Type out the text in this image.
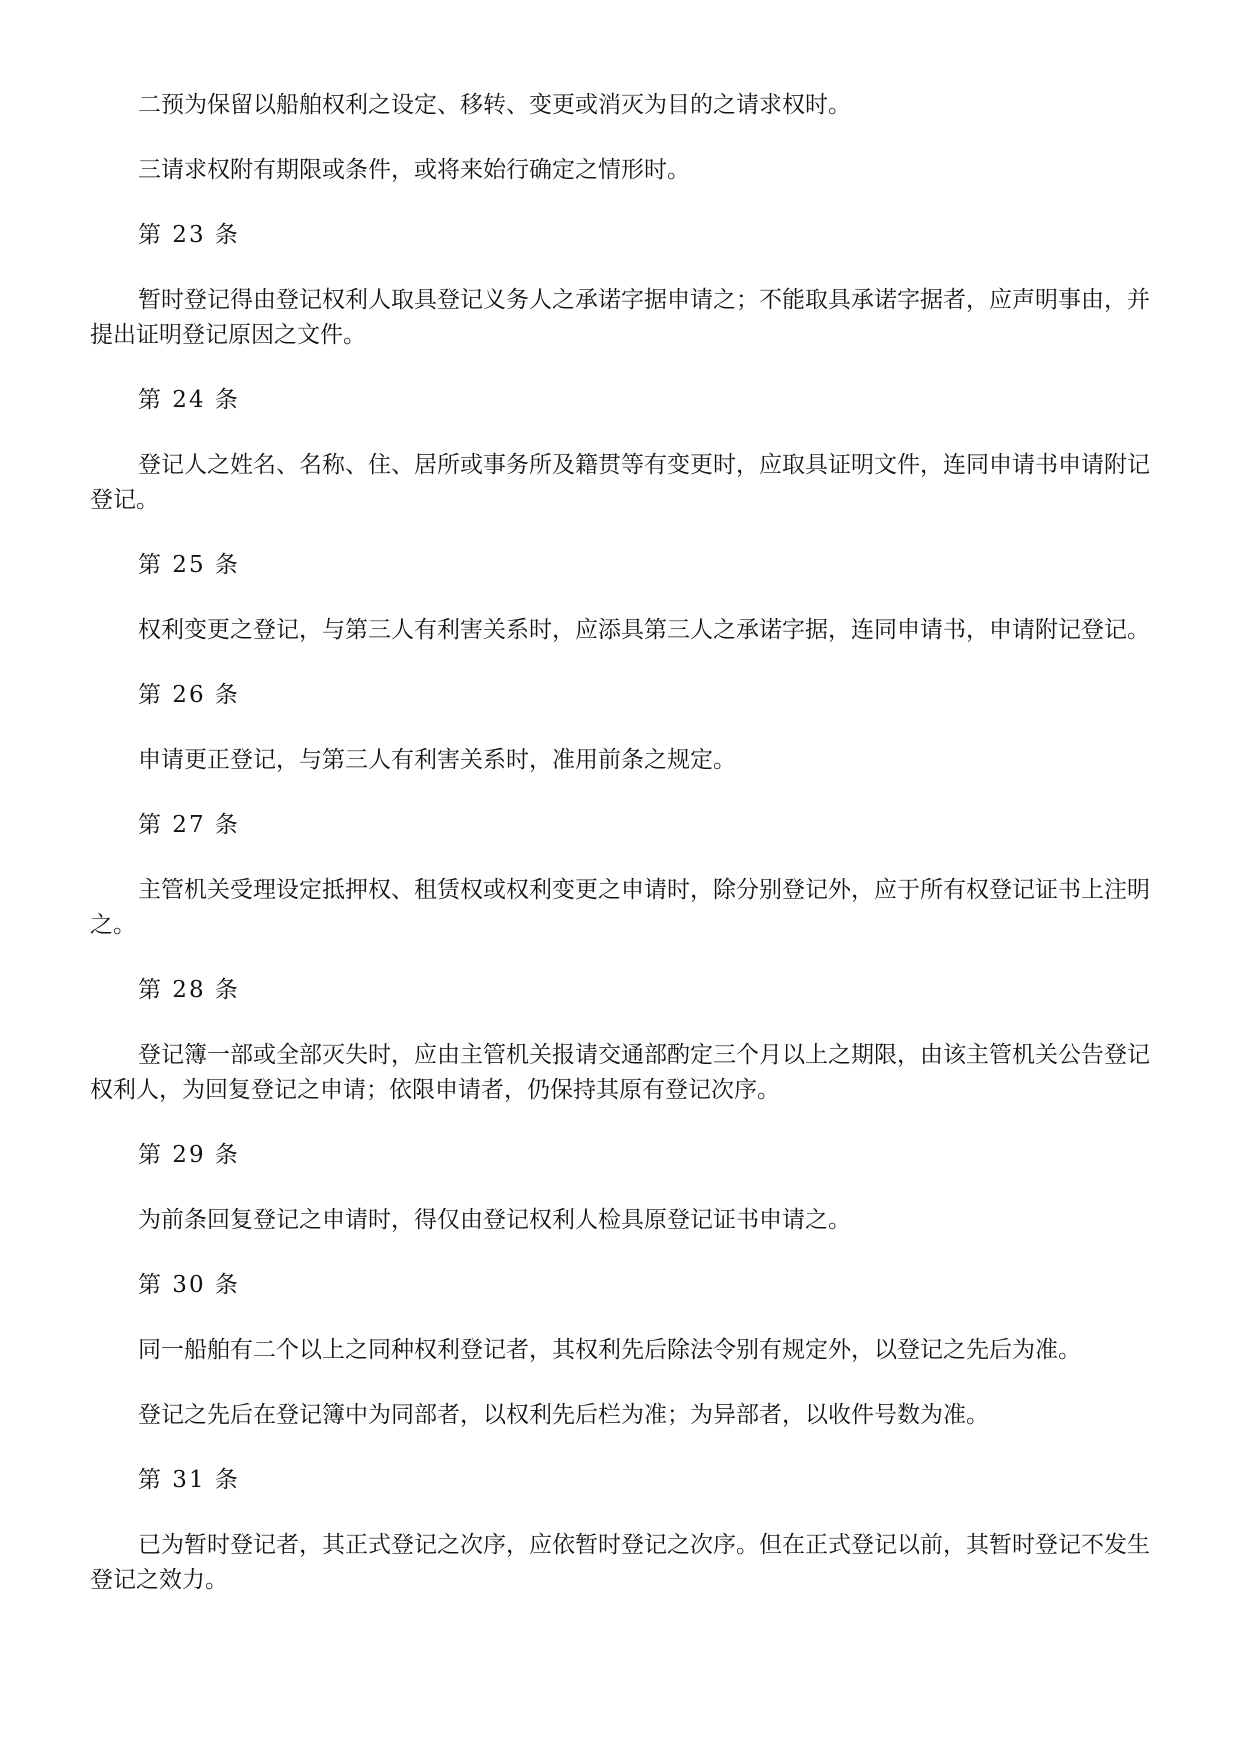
二预为保留以船舶权利之设定、移转、变更或消灭为目的之请求权时。

三请求权附有期限或条件，或将来始行确定之情形时。

第 23 条

暂时登记得由登记权利人取具登记义务人之承诺字据申请之；不能取具承诺字据者，应声明事由，并提出证明登记原因之文件。

第 24 条

登记人之姓名、名称、住、居所或事务所及籍贯等有变更时，应取具证明文件，连同申请书申请附记登记。

第 25 条

权利变更之登记，与第三人有利害关系时，应添具第三人之承诺字据，连同申请书，申请附记登记。

第 26 条

申请更正登记，与第三人有利害关系时，准用前条之规定。

第 27 条

主管机关受理设定抵押权、租赁权或权利变更之申请时，除分别登记外，应于所有权登记证书上注明之。

第 28 条

登记簿一部或全部灭失时，应由主管机关报请交通部酌定三个月以上之期限，由该主管机关公告登记权利人，为回复登记之申请；依限申请者，仍保持其原有登记次序。

第 29 条

为前条回复登记之申请时，得仅由登记权利人检具原登记证书申请之。

第 30 条

同一船舶有二个以上之同种权利登记者，其权利先后除法令别有规定外，以登记之先后为准。

登记之先后在登记簿中为同部者，以权利先后栏为准；为异部者，以收件号数为准。

第 31 条

已为暂时登记者，其正式登记之次序，应依暂时登记之次序。但在正式登记以前，其暂时登记不发生登记之效力。
